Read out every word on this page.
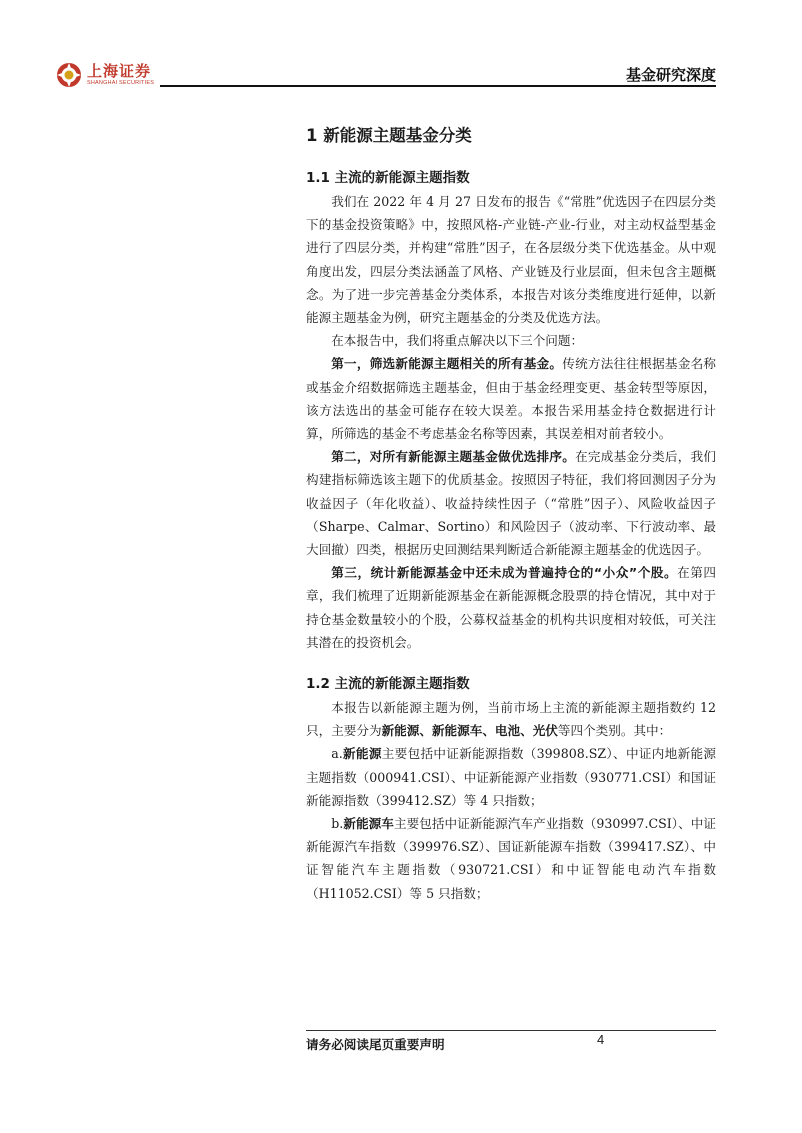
上海证券
SHANGHAI SECURITIES	基金研究深度
1 新能源主题基金分类
1.1 主流的新能源主题指数

我们在 2022 年 4 月 27 日发布的报告《“常胜”优选因子在四层分类下的基金投资策略》中，按照风格-产业链-产业-行业，对主动权益型基金进行了四层分类，并构建“常胜”因子，在各层级分类下优选基金。从中观角度出发，四层分类法涵盖了风格、产业链及行业层面，但未包含主题概念。为了进一步完善基金分类体系，本报告对该分类维度进行延伸，以新能源主题基金为例，研究主题基金的分类及优选方法。

在本报告中，我们将重点解决以下三个问题：

第一，筛选新能源主题相关的所有基金。传统方法往往根据基金名称或基金介绍数据筛选主题基金，但由于基金经理变更、基金转型等原因，该方法选出的基金可能存在较大误差。本报告采用基金持仓数据进行计算，所筛选的基金不考虑基金名称等因素，其误差相对前者较小。

第二，对所有新能源主题基金做优选排序。在完成基金分类后，我们构建指标筛选该主题下的优质基金。按照因子特征，我们将回测因子分为收益因子（年化收益）、收益持续性因子（“常胜”因子）、风险收益因子（Sharpe、Calmar、Sortino）和风险因子（波动率、下行波动率、最大回撤）四类，根据历史回测结果判断适合新能源主题基金的优选因子。

第三，统计新能源基金中还未成为普遍持仓的“小众”个股。在第四章，我们梳理了近期新能源基金在新能源概念股票的持仓情况，其中对于持仓基金数量较小的个股，公募权益基金的机构共识度相对较低，可关注其潜在的投资机会。

1.2 主流的新能源主题指数

本报告以新能源主题为例，当前市场上主流的新能源主题指数约 12 只，主要分为新能源、新能源车、电池、光伏等四个类别。其中：

a.新能源主要包括中证新能源指数（399808.SZ）、中证内地新能源主题指数（000941.CSI）、中证新能源产业指数（930771.CSI）和国证新能源指数（399412.SZ）等 4 只指数；

b.新能源车主要包括中证新能源汽车产业指数（930997.CSI）、中证新能源汽车指数（399976.SZ）、国证新能源车指数（399417.SZ）、中证智能汽车主题指数（930721.CSI）和中证智能电动汽车指数（H11052.CSI）等 5 只指数；

请务必阅读尾页重要声明	4
